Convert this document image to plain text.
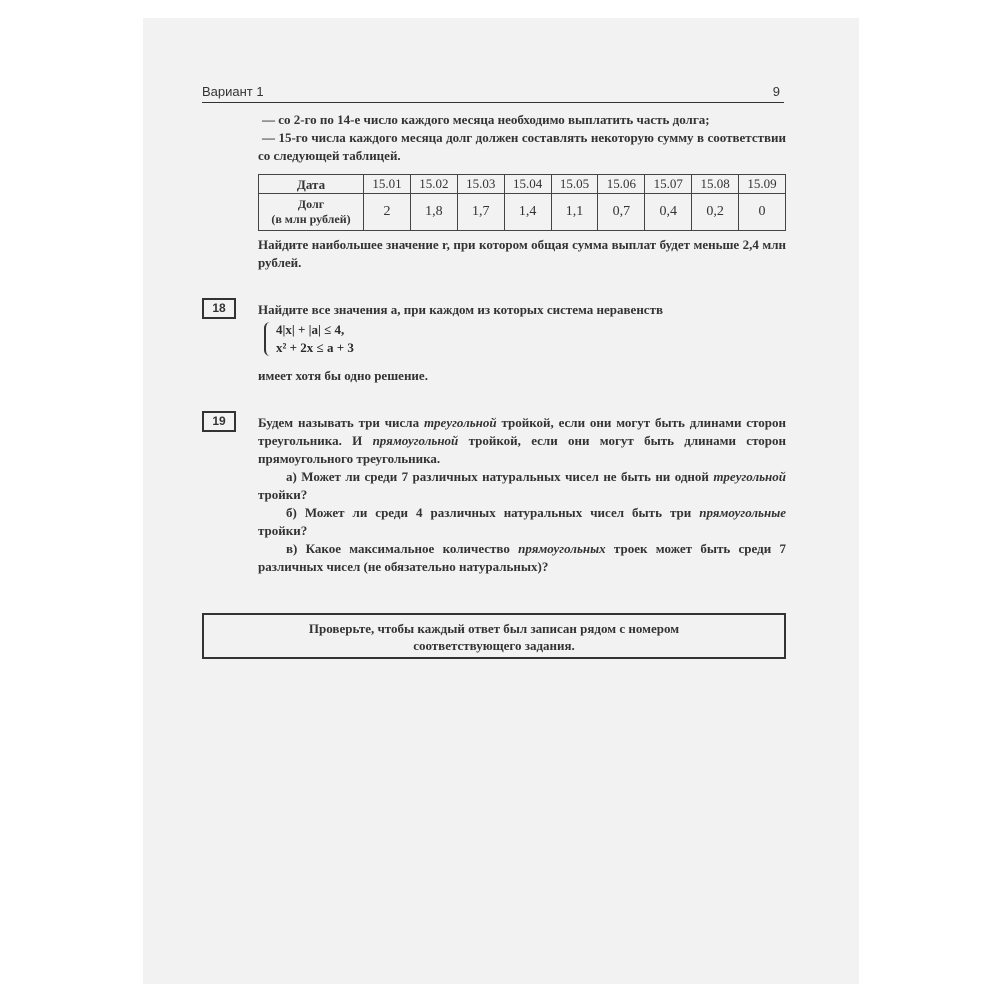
Вариант 1	9

— со 2-го по 14-е число каждого месяца необходимо выплатить часть долга;

— 15-го числа каждого месяца долг должен составлять некоторую сумму в соответствии со следующей таблицей.

Дата	15.01	15.02	15.03	15.04	15.05	15.06	15.07	15.08	15.09
Долг
(в млн рублей)	2	1,8	1,7	1,4	1,1	0,7	0,4	0,2	0
Найдите наибольшее значение r, при котором общая сумма выплат будет меньше 2,4 млн рублей.
18	Найдите все значения a, при каждом из которых система неравенств
4|x| + |a| ≤ 4,
x² + 2x ≤ a + 3
имеет хотя бы одно решение.
19	Будем называть три числа треугольной тройкой, если они могут быть длинами сторон треугольника. И прямоугольной тройкой, если они могут быть длинами сторон прямоугольного треугольника.

а) Может ли среди 7 различных натуральных чисел не быть ни одной треугольной тройки?

б) Может ли среди 4 различных натуральных чисел быть три прямоугольные тройки?

в) Какое максимальное количество прямоугольных троек может быть среди 7 различных чисел (не обязательно натуральных)?

Проверьте, чтобы каждый ответ был записан рядом с номером
соответствующего задания.
